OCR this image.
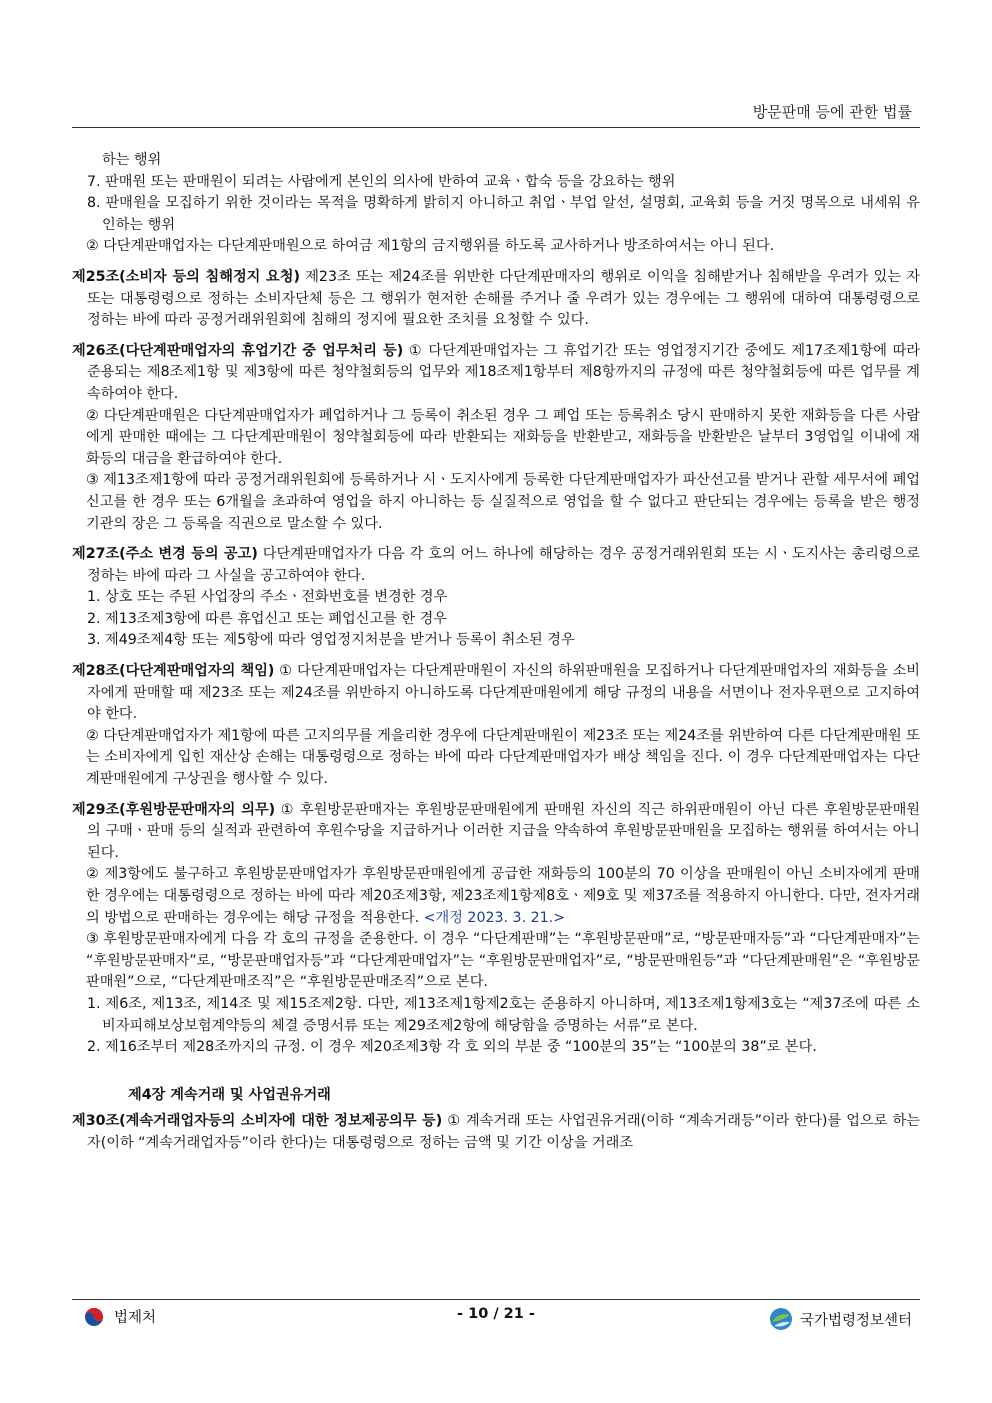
방문판매 등에 관한 법률

하는 행위

7. 판매원 또는 판매원이 되려는 사람에게 본인의 의사에 반하여 교육ㆍ합숙 등을 강요하는 행위

8. 판매원을 모집하기 위한 것이라는 목적을 명확하게 밝히지 아니하고 취업ㆍ부업 알선, 설명회, 교육회 등을 거짓 명목으로 내세워 유인하는 행위

② 다단계판매업자는 다단계판매원으로 하여금 제1항의 금지행위를 하도록 교사하거나 방조하여서는 아니 된다.

제25조(소비자 등의 침해정지 요청) 제23조 또는 제24조를 위반한 다단계판매자의 행위로 이익을 침해받거나 침해받을 우려가 있는 자 또는 대통령령으로 정하는 소비자단체 등은 그 행위가 현저한 손해를 주거나 줄 우려가 있는 경우에는 그 행위에 대하여 대통령령으로 정하는 바에 따라 공정거래위원회에 침해의 정지에 필요한 조치를 요청할 수 있다.

제26조(다단계판매업자의 휴업기간 중 업무처리 등) ① 다단계판매업자는 그 휴업기간 또는 영업정지기간 중에도 제17조제1항에 따라 준용되는 제8조제1항 및 제3항에 따른 청약철회등의 업무와 제18조제1항부터 제8항까지의 규정에 따른 청약철회등에 따른 업무를 계속하여야 한다.

② 다단계판매원은 다단계판매업자가 폐업하거나 그 등록이 취소된 경우 그 폐업 또는 등록취소 당시 판매하지 못한 재화등을 다른 사람에게 판매한 때에는 그 다단계판매원이 청약철회등에 따라 반환되는 재화등을 반환받고, 재화등을 반환받은 날부터 3영업일 이내에 재화등의 대금을 환급하여야 한다.

③ 제13조제1항에 따라 공정거래위원회에 등록하거나 시ㆍ도지사에게 등록한 다단계판매업자가 파산선고를 받거나 관할 세무서에 폐업신고를 한 경우 또는 6개월을 초과하여 영업을 하지 아니하는 등 실질적으로 영업을 할 수 없다고 판단되는 경우에는 등록을 받은 행정기관의 장은 그 등록을 직권으로 말소할 수 있다.

제27조(주소 변경 등의 공고) 다단계판매업자가 다음 각 호의 어느 하나에 해당하는 경우 공정거래위원회 또는 시ㆍ도지사는 총리령으로 정하는 바에 따라 그 사실을 공고하여야 한다.

1. 상호 또는 주된 사업장의 주소ㆍ전화번호를 변경한 경우

2. 제13조제3항에 따른 휴업신고 또는 폐업신고를 한 경우

3. 제49조제4항 또는 제5항에 따라 영업정지처분을 받거나 등록이 취소된 경우

제28조(다단계판매업자의 책임) ① 다단계판매업자는 다단계판매원이 자신의 하위판매원을 모집하거나 다단계판매업자의 재화등을 소비자에게 판매할 때 제23조 또는 제24조를 위반하지 아니하도록 다단계판매원에게 해당 규정의 내용을 서면이나 전자우편으로 고지하여야 한다.

② 다단계판매업자가 제1항에 따른 고지의무를 게을리한 경우에 다단계판매원이 제23조 또는 제24조를 위반하여 다른 다단계판매원 또는 소비자에게 입힌 재산상 손해는 대통령령으로 정하는 바에 따라 다단계판매업자가 배상 책임을 진다. 이 경우 다단계판매업자는 다단계판매원에게 구상권을 행사할 수 있다.

제29조(후원방문판매자의 의무) ① 후원방문판매자는 후원방문판매원에게 판매원 자신의 직근 하위판매원이 아닌 다른 후원방문판매원의 구매ㆍ판매 등의 실적과 관련하여 후원수당을 지급하거나 이러한 지급을 약속하여 후원방문판매원을 모집하는 행위를 하여서는 아니 된다.

② 제3항에도 불구하고 후원방문판매업자가 후원방문판매원에게 공급한 재화등의 100분의 70 이상을 판매원이 아닌 소비자에게 판매한 경우에는 대통령령으로 정하는 바에 따라 제20조제3항, 제23조제1항제8호ㆍ제9호 및 제37조를 적용하지 아니한다. 다만, 전자거래의 방법으로 판매하는 경우에는 해당 규정을 적용한다. <개정 2023. 3. 21.>

③ 후원방문판매자에게 다음 각 호의 규정을 준용한다. 이 경우 “다단계판매”는 “후원방문판매”로, “방문판매자등”과 “다단계판매자”는 “후원방문판매자”로, “방문판매업자등”과 “다단계판매업자”는 “후원방문판매업자”로, “방문판매원등”과 “다단계판매원”은 “후원방문판매원”으로, “다단계판매조직”은 “후원방문판매조직”으로 본다.

1. 제6조, 제13조, 제14조 및 제15조제2항. 다만, 제13조제1항제2호는 준용하지 아니하며, 제13조제1항제3호는 “제37조에 따른 소비자피해보상보험계약등의 체결 증명서류 또는 제29조제2항에 해당함을 증명하는 서류”로 본다.

2. 제16조부터 제28조까지의 규정. 이 경우 제20조제3항 각 호 외의 부분 중 “100분의 35”는 “100분의 38”로 본다.

제4장 계속거래 및 사업권유거래

제30조(계속거래업자등의 소비자에 대한 정보제공의무 등) ① 계속거래 또는 사업권유거래(이하 “계속거래등”이라 한다)를 업으로 하는 자(이하 “계속거래업자등”이라 한다)는 대통령령으로 정하는 금액 및 기간 이상을 거래조

법제처	- 10 / 21 -	국가법령정보센터
